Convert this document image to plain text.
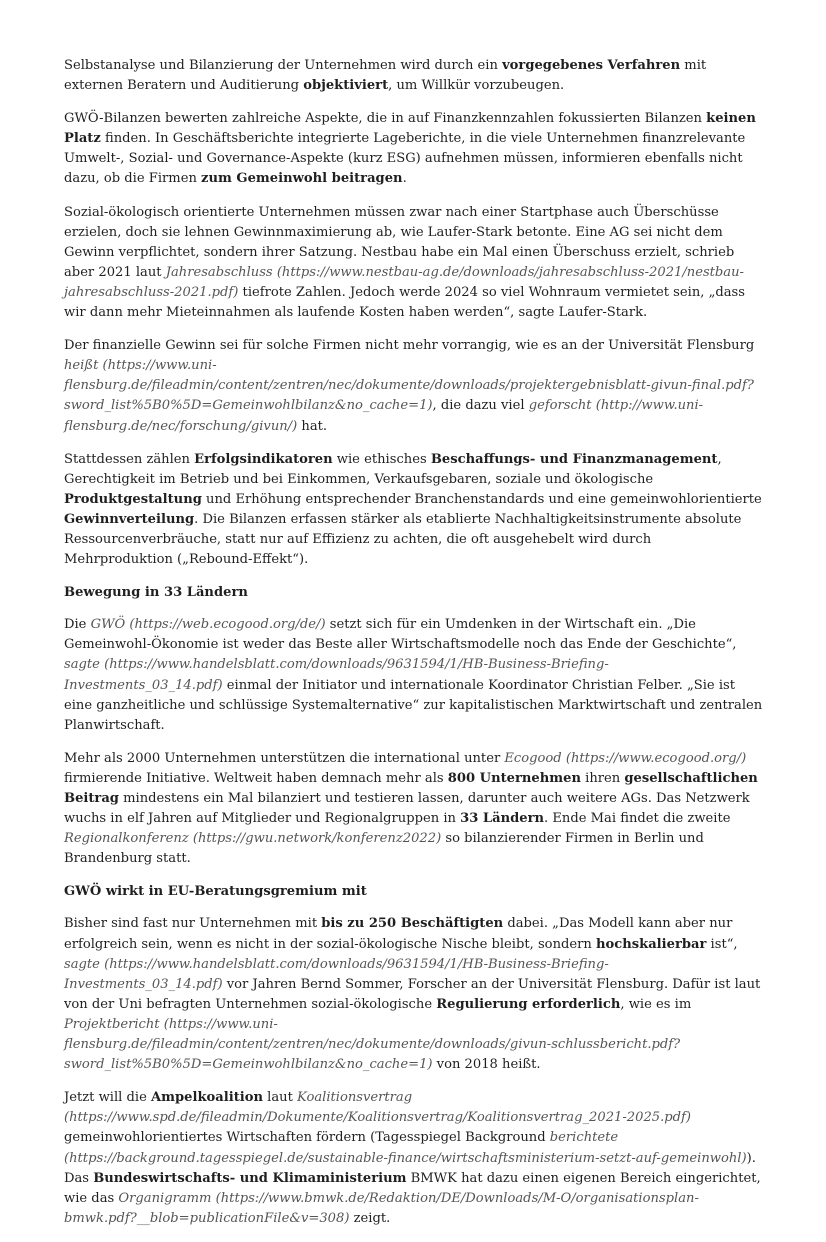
Selbstanalyse und Bilanzierung der Unternehmen wird durch ein vorgegebenes Verfahren mit externen Beratern und Auditierung objektiviert, um Willkür vorzubeugen.

GWÖ-Bilanzen bewerten zahlreiche Aspekte, die in auf Finanzkennzahlen fokussierten Bilanzen keinen Platz finden. In Geschäftsberichte integrierte Lageberichte, in die viele Unternehmen finanzrelevante Umwelt-, Sozial- und Governance-Aspekte (kurz ESG) aufnehmen müssen, informieren ebenfalls nicht dazu, ob die Firmen zum Gemeinwohl beitragen.

Sozial-ökologisch orientierte Unternehmen müssen zwar nach einer Startphase auch Überschüsse erzielen, doch sie lehnen Gewinnmaximierung ab, wie Laufer-Stark betonte. Eine AG sei nicht dem Gewinn verpflichtet, sondern ihrer Satzung. Nestbau habe ein Mal einen Überschuss erzielt, schrieb aber 2021 laut Jahresabschluss (https://www.nestbau-ag.de/downloads/jahresabschluss-2021/nestbau-jahresabschluss-2021.pdf) tiefrote Zahlen. Jedoch werde 2024 so viel Wohnraum vermietet sein, „dass wir dann mehr Mieteinnahmen als laufende Kosten haben werden“, sagte Laufer-Stark.

Der finanzielle Gewinn sei für solche Firmen nicht mehr vorrangig, wie es an der Universität Flensburg heißt (https://www.uni-flensburg.de/fileadmin/content/zentren/nec/dokumente/downloads/projektergebnisblatt-givun-final.pdf?sword_list%5B0%5D=Gemeinwohlbilanz&no_cache=1), die dazu viel geforscht (http://www.uni-flensburg.de/nec/forschung/givun/) hat.

Stattdessen zählen Erfolgsindikatoren wie ethisches Beschaffungs- und Finanzmanagement, Gerechtigkeit im Betrieb und bei Einkommen, Verkaufsgebaren, soziale und ökologische Produktgestaltung und Erhöhung entsprechender Branchenstandards und eine gemeinwohlorientierte Gewinnverteilung. Die Bilanzen erfassen stärker als etablierte Nachhaltigkeitsinstrumente absolute Ressourcenverbräuche, statt nur auf Effizienz zu achten, die oft ausgehebelt wird durch Mehrproduktion („Rebound-Effekt“).

Bewegung in 33 Ländern

Die GWÖ (https://web.ecogood.org/de/) setzt sich für ein Umdenken in der Wirtschaft ein. „Die Gemeinwohl-Ökonomie ist weder das Beste aller Wirtschaftsmodelle noch das Ende der Geschichte“, sagte (https://www.handelsblatt.com/downloads/9631594/1/HB-Business-Briefing-Investments_03_14.pdf) einmal der Initiator und internationale Koordinator Christian Felber. „Sie ist eine ganzheitliche und schlüssige Systemalternative“ zur kapitalistischen Marktwirtschaft und zentralen Planwirtschaft.

Mehr als 2000 Unternehmen unterstützen die international unter Ecogood (https://www.ecogood.org/) firmierende Initiative. Weltweit haben demnach mehr als 800 Unternehmen ihren gesellschaftlichen Beitrag mindestens ein Mal bilanziert und testieren lassen, darunter auch weitere AGs. Das Netzwerk wuchs in elf Jahren auf Mitglieder und Regionalgruppen in 33 Ländern. Ende Mai findet die zweite Regionalkonferenz (https://gwu.network/konferenz2022) so bilanzierender Firmen in Berlin und Brandenburg statt.

GWÖ wirkt in EU-Beratungsgremium mit

Bisher sind fast nur Unternehmen mit bis zu 250 Beschäftigten dabei. „Das Modell kann aber nur erfolgreich sein, wenn es nicht in der sozial-ökologische Nische bleibt, sondern hochskalierbar ist“, sagte (https://www.handelsblatt.com/downloads/9631594/1/HB-Business-Briefing-Investments_03_14.pdf) vor Jahren Bernd Sommer, Forscher an der Universität Flensburg. Dafür ist laut von der Uni befragten Unternehmen sozial-ökologische Regulierung erforderlich, wie es im Projektbericht (https://www.uni-flensburg.de/fileadmin/content/zentren/nec/dokumente/downloads/givun-schlussbericht.pdf?sword_list%5B0%5D=Gemeinwohlbilanz&no_cache=1) von 2018 heißt.

Jetzt will die Ampelkoalition laut Koalitionsvertrag (https://www.spd.de/fileadmin/Dokumente/Koalitionsvertrag/Koalitionsvertrag_2021-2025.pdf) gemeinwohlorientiertes Wirtschaften fördern (Tagesspiegel Background berichtete (https://background.tagesspiegel.de/sustainable-finance/wirtschaftsministerium-setzt-auf-gemeinwohl)). Das Bundeswirtschafts- und Klimaministerium BMWK hat dazu einen eigenen Bereich eingerichtet, wie das Organigramm (https://www.bmwk.de/Redaktion/DE/Downloads/M-O/organisationsplan-bmwk.pdf?__blob=publicationFile&v=308) zeigt.
